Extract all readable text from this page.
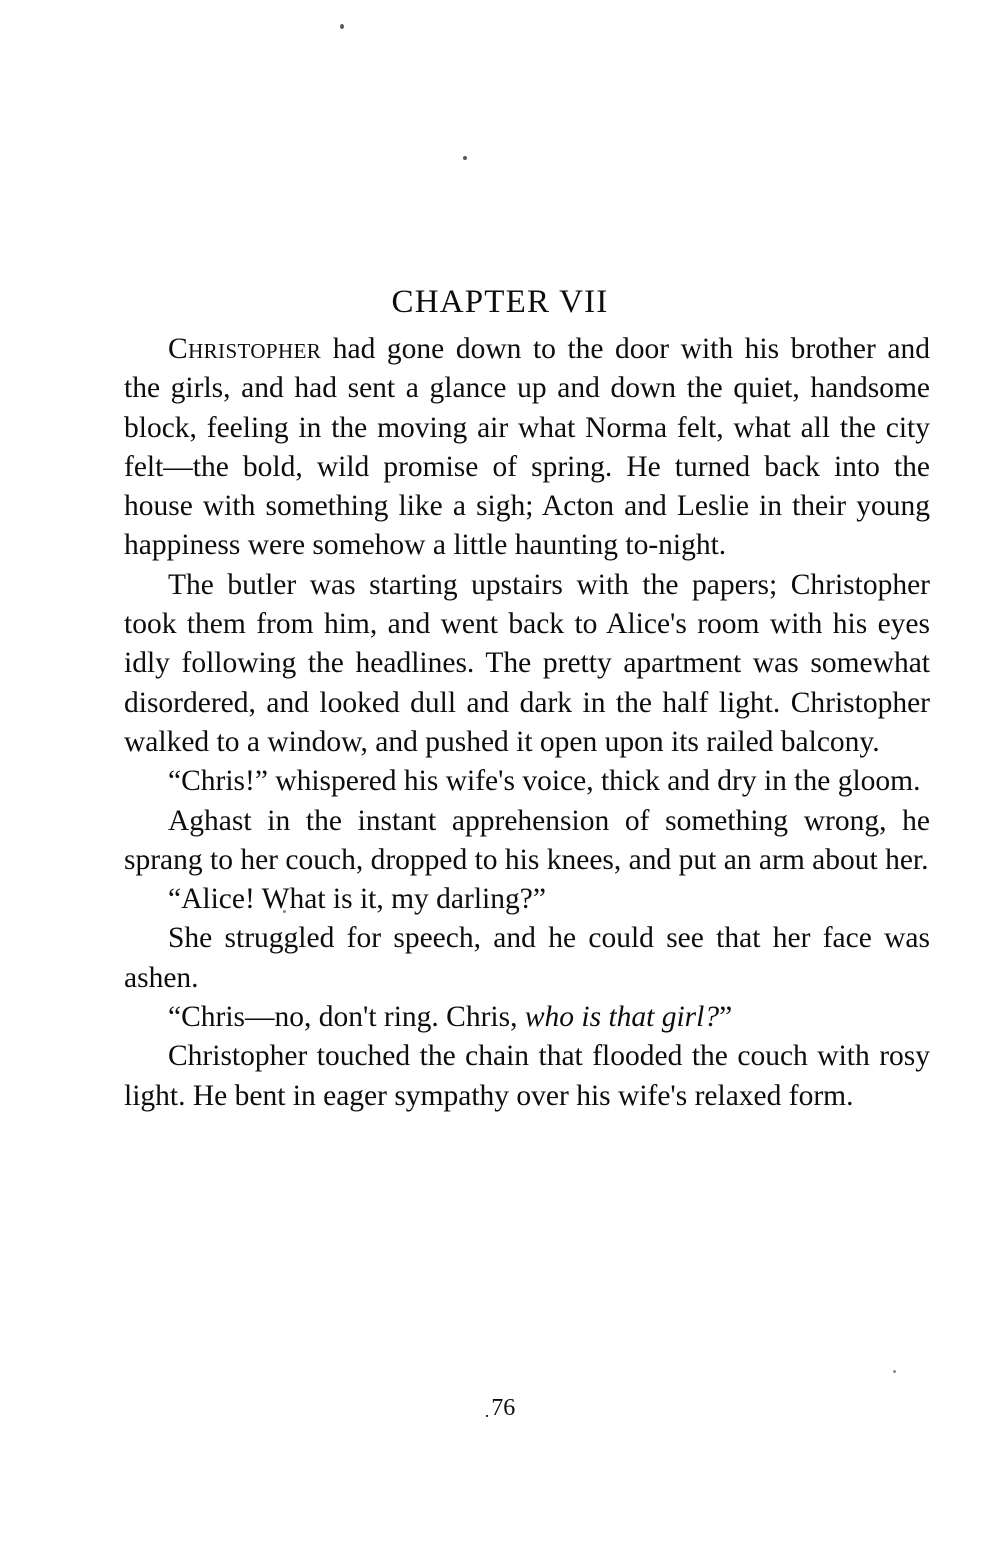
CHAPTER VII

Christopher had gone down to the door with his brother and the girls, and had sent a glance up and down the quiet, handsome block, feeling in the moving air what Norma felt, what all the city felt—the bold, wild promise of spring. He turned back into the house with something like a sigh; Acton and Leslie in their young happiness were somehow a little haunting to-night.

The butler was starting upstairs with the papers; Christopher took them from him, and went back to Alice's room with his eyes idly following the headlines. The pretty apartment was somewhat disordered, and looked dull and dark in the half light. Christopher walked to a window, and pushed it open upon its railed balcony.

“Chris!” whispered his wife's voice, thick and dry in the gloom.

Aghast in the instant apprehension of something wrong, he sprang to her couch, dropped to his knees, and put an arm about her.

“Alice! What is it, my darling?”

She struggled for speech, and he could see that her face was ashen.

“Chris—no, don't ring. Chris, who is that girl?”

Christopher touched the chain that flooded the couch with rosy light. He bent in eager sympathy over his wife's relaxed form.

.76
